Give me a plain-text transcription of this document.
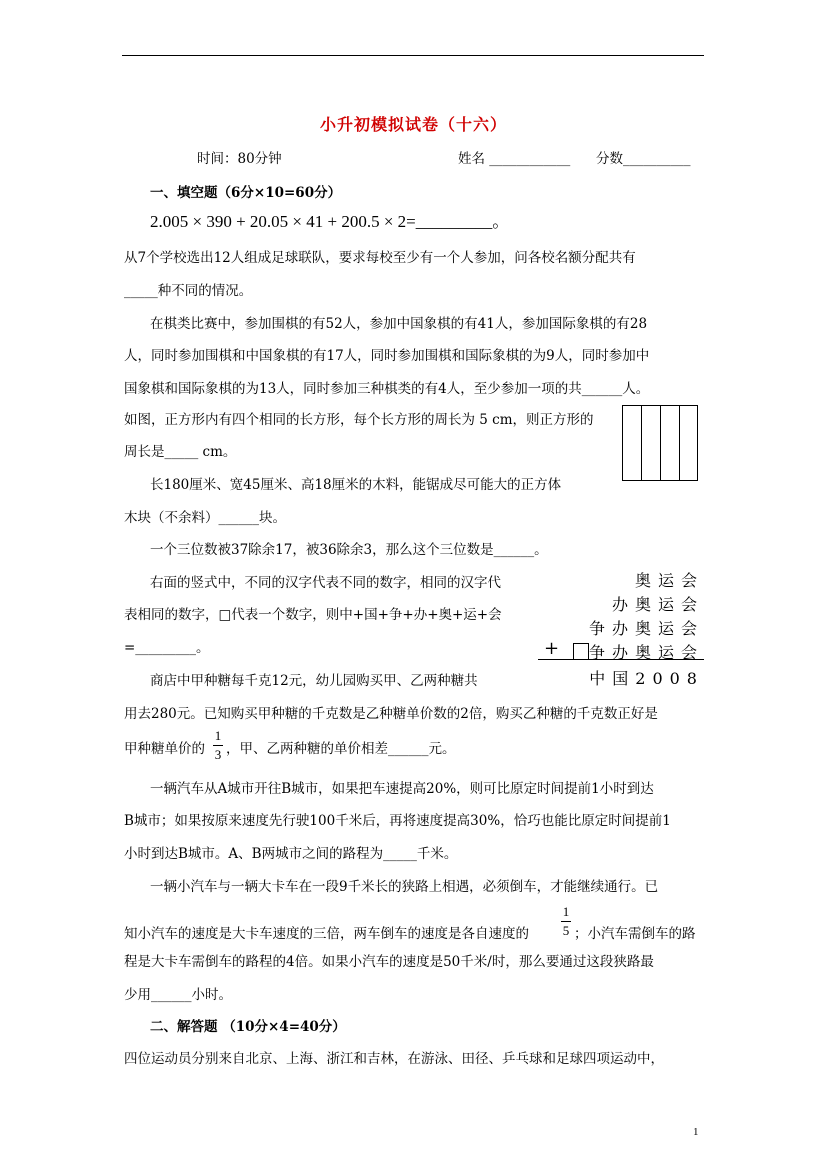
小升初模拟试卷（十六）
时间：80分钟	姓名 ____________ 分数__________
一、填空题（6分×10=60分）
2.005 × 390 + 20.05 × 41 + 200.5 × 2=_________。
从7个学校选出12人组成足球联队，要求每校至少有一个人参加，问各校名额分配共有
_____种不同的情况。
在棋类比赛中，参加围棋的有52人，参加中国象棋的有41人，参加国际象棋的有28
人，同时参加围棋和中国象棋的有17人，同时参加围棋和国际象棋的为9人，同时参加中
国象棋和国际象棋的为13人，同时参加三种棋类的有4人，至少参加一项的共______人。
如图，正方形内有四个相同的长方形，每个长方形的周长为 5 cm，则正方形的
周长是_____ cm。
长180厘米、宽45厘米、高18厘米的木料，能锯成尽可能大的正方体
木块（不余料）______块。
一个三位数被37除余17，被36除余3，那么这个三位数是______。
右面的竖式中，不同的汉字代表不同的数字，相同的汉字代
表相同的数字，□代表一个数字，则中+国+争+办+奥+运+会
=_________。
奥运会
办奥运会
争办奥运会
争办奥运会
+
中国2008
商店中甲种糖每千克12元，幼儿园购买甲、乙两种糖共
用去280元。已知购买甲种糖的千克数是乙种糖单价数的2倍，购买乙种糖的千克数正好是
甲种糖单价的
1
3 ，甲、乙两种糖的单价相差______元。
一辆汽车从A城市开往B城市，如果把车速提高20%，则可比原定时间提前1小时到达
B城市；如果按原来速度先行驶100千米后，再将速度提高30%，恰巧也能比原定时间提前1
小时到达B城市。A、B两城市之间的路程为_____千米。
一辆小汽车与一辆大卡车在一段9千米长的狭路上相遇，必须倒车，才能继续通行。已
知小汽车的速度是大卡车速度的三倍，两车倒车的速度是各自速度的
1
5 ；小汽车需倒车的路
程是大卡车需倒车的路程的4倍。如果小汽车的速度是50千米/时，那么要通过这段狭路最
少用______小时。
二、解答题 （10分×4=40分）
四位运动员分别来自北京、上海、浙江和吉林，在游泳、田径、乒乓球和足球四项运动中，
1
